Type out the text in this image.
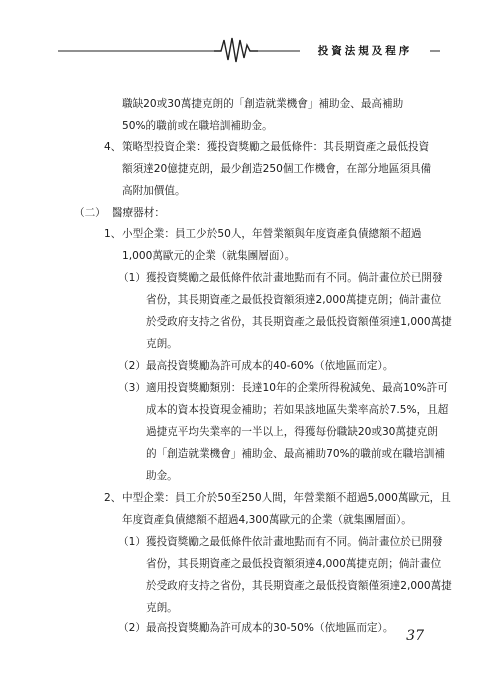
投資法規及程序
職缺20或30萬捷克朗的「創造就業機會」補助金、最高補助
50%的職前或在職培訓補助金。
4、 策略型投資企業：獲投資獎勵之最低條件：其長期資產之最低投資
額須達20億捷克朗，最少創造250個工作機會，在部分地區須具備
高附加價值。
（二） 醫療器材：
1、 小型企業：員工少於50人，年營業額與年度資產負債總額不超過
1,000萬歐元的企業（就集團層面）。
（1） 獲投資獎勵之最低條件依計畫地點而有不同。倘計畫位於已開發
省份，其長期資產之最低投資額須達2,000萬捷克朗；倘計畫位
於受政府支持之省份，其長期資產之最低投資額僅須達1,000萬捷
克朗。
（2） 最高投資獎勵為許可成本的40-60%（依地區而定）。
（3） 適用投資獎勵類別：長達10年的企業所得稅減免、最高10%許可
成本的資本投資現金補助；若如果該地區失業率高於7.5%，且超
過捷克平均失業率的一半以上，得獲每份職缺20或30萬捷克朗
的「創造就業機會」補助金、最高補助70%的職前或在職培訓補
助金。
2、 中型企業：員工介於50至250人間，年營業額不超過5,000萬歐元，且
年度資產負債總額不超過4,300萬歐元的企業（就集團層面）。
（1） 獲投資獎勵之最低條件依計畫地點而有不同。倘計畫位於已開發
省份，其長期資產之最低投資額須達4,000萬捷克朗；倘計畫位
於受政府支持之省份，其長期資產之最低投資額僅須達2,000萬捷
克朗。
（2） 最高投資獎勵為許可成本的30-50%（依地區而定）。 37
